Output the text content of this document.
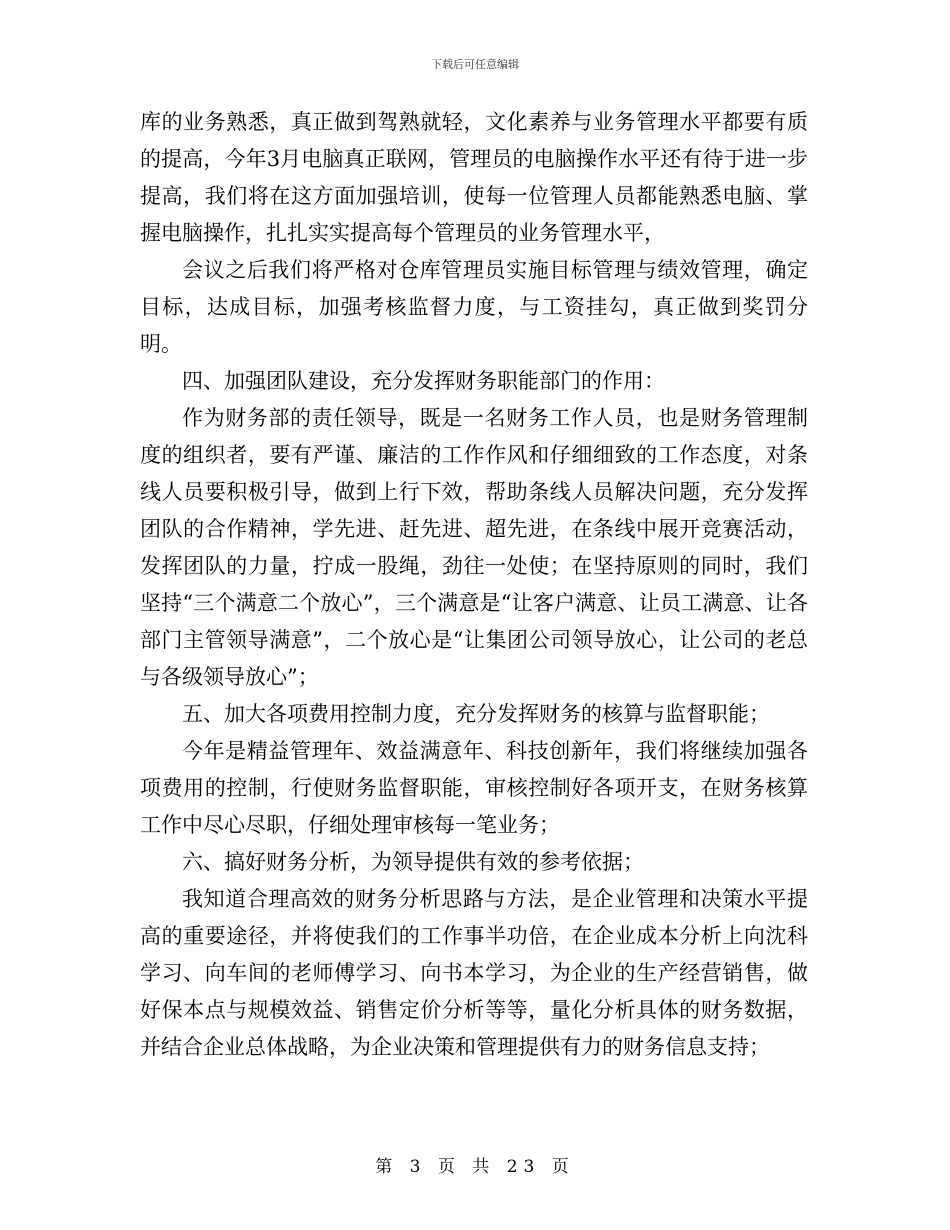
下载后可任意编辑

库的业务熟悉，真正做到驾熟就轻，文化素养与业务管理水平都要有质的提高，今年3月电脑真正联网，管理员的电脑操作水平还有待于进一步提高，我们将在这方面加强培训，使每一位管理人员都能熟悉电脑、掌握电脑操作，扎扎实实提高每个管理员的业务管理水平，

会议之后我们将严格对仓库管理员实施目标管理与绩效管理，确定目标，达成目标，加强考核监督力度，与工资挂勾，真正做到奖罚分明。

四、加强团队建设，充分发挥财务职能部门的作用：

作为财务部的责任领导，既是一名财务工作人员，也是财务管理制度的组织者，要有严谨、廉洁的工作作风和仔细细致的工作态度，对条线人员要积极引导，做到上行下效，帮助条线人员解决问题，充分发挥团队的合作精神，学先进、赶先进、超先进，在条线中展开竞赛活动，发挥团队的力量，拧成一股绳，劲往一处使；在坚持原则的同时，我们坚持“三个满意二个放心”，三个满意是“让客户满意、让员工满意、让各部门主管领导满意”，二个放心是“让集团公司领导放心，让公司的老总与各级领导放心”；

五、加大各项费用控制力度，充分发挥财务的核算与监督职能；

今年是精益管理年、效益满意年、科技创新年，我们将继续加强各项费用的控制，行使财务监督职能，审核控制好各项开支，在财务核算工作中尽心尽职，仔细处理审核每一笔业务；

六、搞好财务分析，为领导提供有效的参考依据；

我知道合理高效的财务分析思路与方法，是企业管理和决策水平提高的重要途径，并将使我们的工作事半功倍，在企业成本分析上向沈科学习、向车间的老师傅学习、向书本学习，为企业的生产经营销售，做好保本点与规模效益、销售定价分析等等，量化分析具体的财务数据，并结合企业总体战略，为企业决策和管理提供有力的财务信息支持；

第 3 页 共 23 页
